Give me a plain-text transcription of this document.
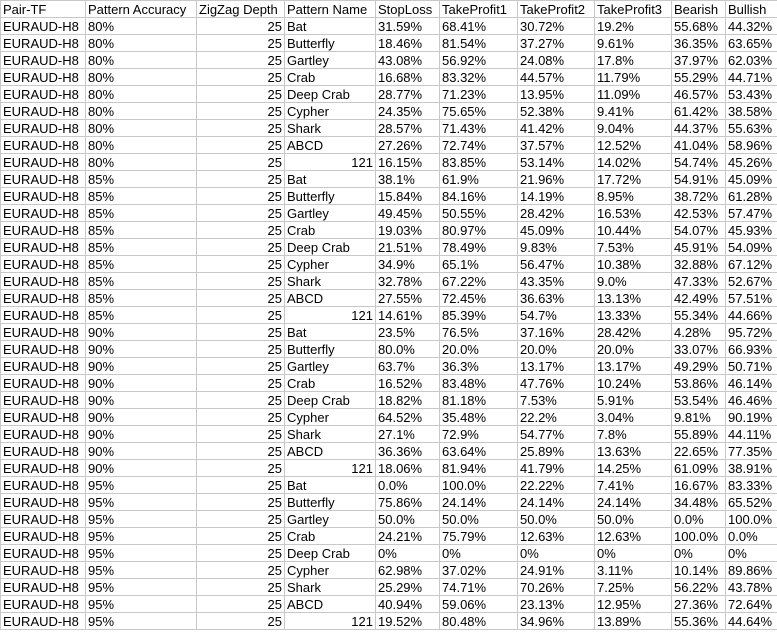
Pair-TF	Pattern Accuracy	ZigZag Depth	Pattern Name	StopLoss	TakeProfit1	TakeProfit2	TakeProfit3	Bearish	Bullish
EURAUD-H8	80%	25	Bat	31.59%	68.41%	30.72%	19.2%	55.68%	44.32%
EURAUD-H8	80%	25	Butterfly	18.46%	81.54%	37.27%	9.61%	36.35%	63.65%
EURAUD-H8	80%	25	Gartley	43.08%	56.92%	24.08%	17.8%	37.97%	62.03%
EURAUD-H8	80%	25	Crab	16.68%	83.32%	44.57%	11.79%	55.29%	44.71%
EURAUD-H8	80%	25	Deep Crab	28.77%	71.23%	13.95%	11.09%	46.57%	53.43%
EURAUD-H8	80%	25	Cypher	24.35%	75.65%	52.38%	9.41%	61.42%	38.58%
EURAUD-H8	80%	25	Shark	28.57%	71.43%	41.42%	9.04%	44.37%	55.63%
EURAUD-H8	80%	25	ABCD	27.26%	72.74%	37.57%	12.52%	41.04%	58.96%
EURAUD-H8	80%	25	121	16.15%	83.85%	53.14%	14.02%	54.74%	45.26%
EURAUD-H8	85%	25	Bat	38.1%	61.9%	21.96%	17.72%	54.91%	45.09%
EURAUD-H8	85%	25	Butterfly	15.84%	84.16%	14.19%	8.95%	38.72%	61.28%
EURAUD-H8	85%	25	Gartley	49.45%	50.55%	28.42%	16.53%	42.53%	57.47%
EURAUD-H8	85%	25	Crab	19.03%	80.97%	45.09%	10.44%	54.07%	45.93%
EURAUD-H8	85%	25	Deep Crab	21.51%	78.49%	9.83%	7.53%	45.91%	54.09%
EURAUD-H8	85%	25	Cypher	34.9%	65.1%	56.47%	10.38%	32.88%	67.12%
EURAUD-H8	85%	25	Shark	32.78%	67.22%	43.35%	9.0%	47.33%	52.67%
EURAUD-H8	85%	25	ABCD	27.55%	72.45%	36.63%	13.13%	42.49%	57.51%
EURAUD-H8	85%	25	121	14.61%	85.39%	54.7%	13.33%	55.34%	44.66%
EURAUD-H8	90%	25	Bat	23.5%	76.5%	37.16%	28.42%	4.28%	95.72%
EURAUD-H8	90%	25	Butterfly	80.0%	20.0%	20.0%	20.0%	33.07%	66.93%
EURAUD-H8	90%	25	Gartley	63.7%	36.3%	13.17%	13.17%	49.29%	50.71%
EURAUD-H8	90%	25	Crab	16.52%	83.48%	47.76%	10.24%	53.86%	46.14%
EURAUD-H8	90%	25	Deep Crab	18.82%	81.18%	7.53%	5.91%	53.54%	46.46%
EURAUD-H8	90%	25	Cypher	64.52%	35.48%	22.2%	3.04%	9.81%	90.19%
EURAUD-H8	90%	25	Shark	27.1%	72.9%	54.77%	7.8%	55.89%	44.11%
EURAUD-H8	90%	25	ABCD	36.36%	63.64%	25.89%	13.63%	22.65%	77.35%
EURAUD-H8	90%	25	121	18.06%	81.94%	41.79%	14.25%	61.09%	38.91%
EURAUD-H8	95%	25	Bat	0.0%	100.0%	22.22%	7.41%	16.67%	83.33%
EURAUD-H8	95%	25	Butterfly	75.86%	24.14%	24.14%	24.14%	34.48%	65.52%
EURAUD-H8	95%	25	Gartley	50.0%	50.0%	50.0%	50.0%	0.0%	100.0%
EURAUD-H8	95%	25	Crab	24.21%	75.79%	12.63%	12.63%	100.0%	0.0%
EURAUD-H8	95%	25	Deep Crab	0%	0%	0%	0%	0%	0%
EURAUD-H8	95%	25	Cypher	62.98%	37.02%	24.91%	3.11%	10.14%	89.86%
EURAUD-H8	95%	25	Shark	25.29%	74.71%	70.26%	7.25%	56.22%	43.78%
EURAUD-H8	95%	25	ABCD	40.94%	59.06%	23.13%	12.95%	27.36%	72.64%
EURAUD-H8	95%	25	121	19.52%	80.48%	34.96%	13.89%	55.36%	44.64%
